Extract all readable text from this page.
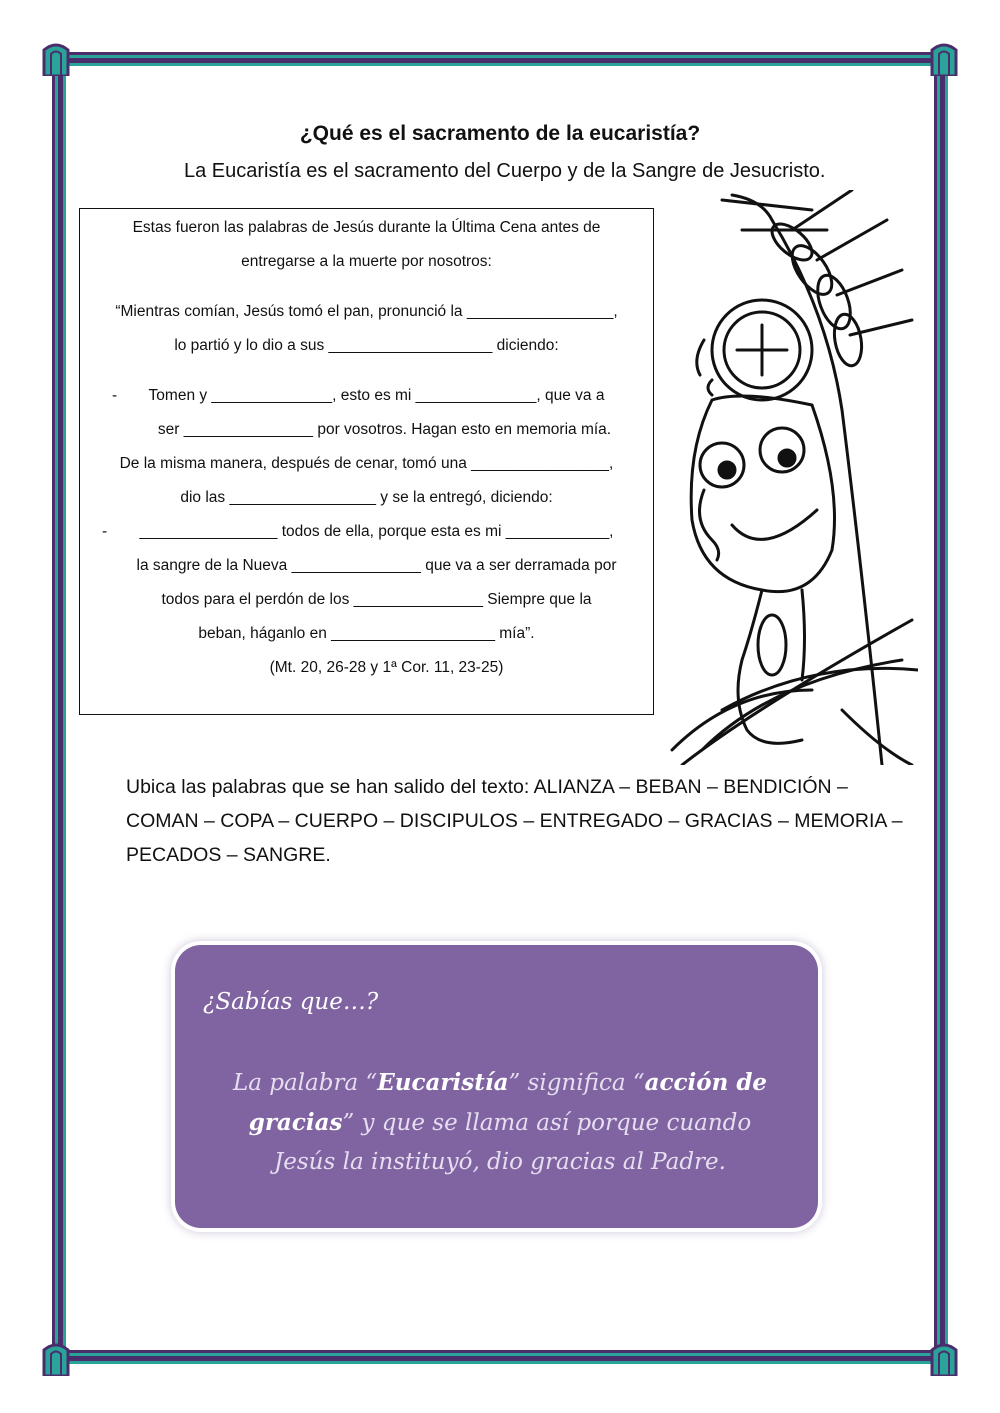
¿Qué es el sacramento de la eucaristía?
La Eucaristía es el sacramento del Cuerpo y de la Sangre de Jesucristo.
Estas fueron las palabras de Jesús durante la Última Cena antes de
entregarse a la muerte por nosotros:
“Mientras comían, Jesús tomó el pan, pronunció la _________________,
lo partió y lo dio a sus ___________________ diciendo:
-	Tomen y ______________, esto es mi ______________, que va a
ser _______________ por vosotros. Hagan esto en memoria mía.
De la misma manera, después de cenar, tomó una ________________,
dio las _________________ y se la entregó, diciendo:
-	________________ todos de ella, porque esta es mi ____________,
la sangre de la Nueva _______________ que va a ser derramada por
todos para el perdón de los _______________ Siempre que la
beban, háganlo en ___________________ mía”.
(Mt. 20, 26-28 y 1ª Cor. 11, 23-25)
Ubica las palabras que se han salido del texto: ALIANZA – BEBAN – BENDICIÓN –
COMAN – COPA – CUERPO – DISCIPULOS – ENTREGADO – GRACIAS – MEMORIA –
PECADOS – SANGRE.
¿Sabías que…?
La palabra “Eucaristía” significa “acción de gracias” y que se llama así porque cuando Jesús la instituyó, dio gracias al Padre.
